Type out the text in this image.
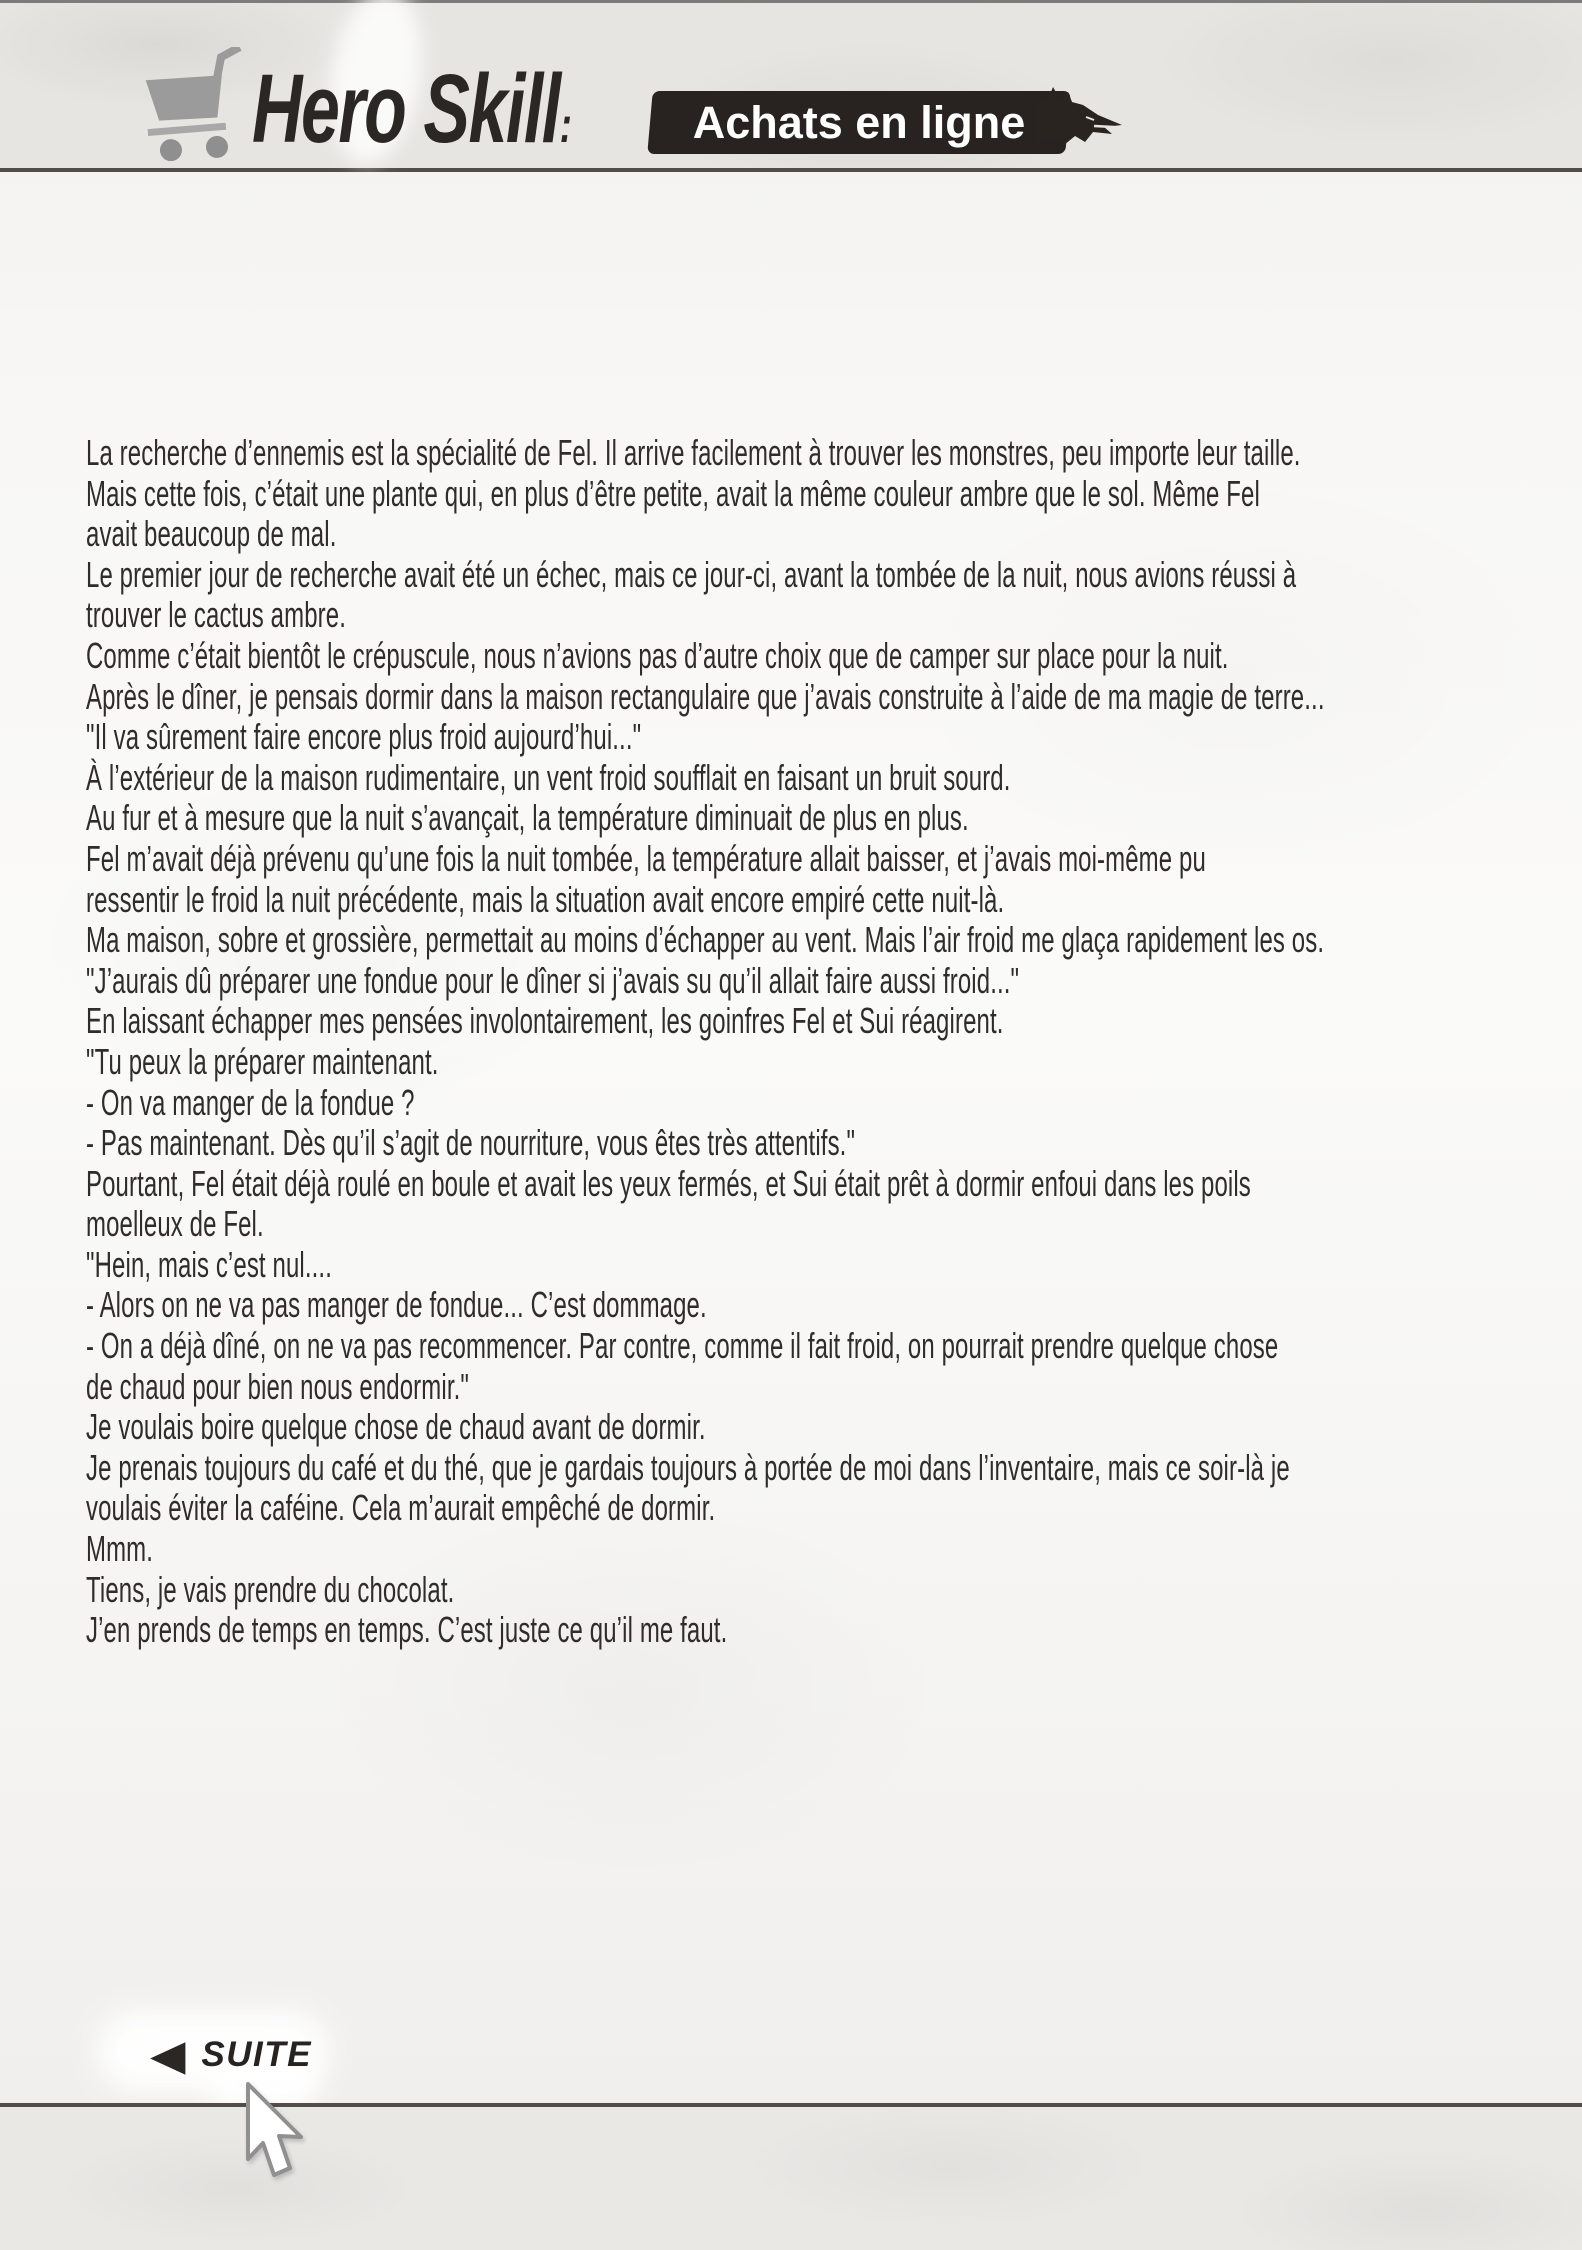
Hero Skill:	Achats en ligne
La recherche d’ennemis est la spécialité de Fel. Il arrive facilement à trouver les monstres, peu importe leur taille.
Mais cette fois, c’était une plante qui, en plus d’être petite, avait la même couleur ambre que le sol. Même Fel
avait beaucoup de mal.
Le premier jour de recherche avait été un échec, mais ce jour-ci, avant la tombée de la nuit, nous avions réussi à
trouver le cactus ambre.
Comme c’était bientôt le crépuscule, nous n’avions pas d’autre choix que de camper sur place pour la nuit.
Après le dîner, je pensais dormir dans la maison rectangulaire que j’avais construite à l’aide de ma magie de terre...
"Il va sûrement faire encore plus froid aujourd’hui..."
À l’extérieur de la maison rudimentaire, un vent froid soufflait en faisant un bruit sourd.
Au fur et à mesure que la nuit s’avançait, la température diminuait de plus en plus.
Fel m’avait déjà prévenu qu’une fois la nuit tombée, la température allait baisser, et j’avais moi-même pu
ressentir le froid la nuit précédente, mais la situation avait encore empiré cette nuit-là.
Ma maison, sobre et grossière, permettait au moins d’échapper au vent. Mais l’air froid me glaça rapidement les os.
"J’aurais dû préparer une fondue pour le dîner si j’avais su qu’il allait faire aussi froid..."
En laissant échapper mes pensées involontairement, les goinfres Fel et Sui réagirent.
"Tu peux la préparer maintenant.
- On va manger de la fondue ?
- Pas maintenant. Dès qu’il s’agit de nourriture, vous êtes très attentifs."
Pourtant, Fel était déjà roulé en boule et avait les yeux fermés, et Sui était prêt à dormir enfoui dans les poils
moelleux de Fel.
"Hein, mais c’est nul....
- Alors on ne va pas manger de fondue... C’est dommage.
- On a déjà dîné, on ne va pas recommencer. Par contre, comme il fait froid, on pourrait prendre quelque chose
de chaud pour bien nous endormir."
Je voulais boire quelque chose de chaud avant de dormir.
Je prenais toujours du café et du thé, que je gardais toujours à portée de moi dans l’inventaire, mais ce soir-là je
voulais éviter la caféine. Cela m’aurait empêché de dormir.
Mmm.
Tiens, je vais prendre du chocolat.
J’en prends de temps en temps. C’est juste ce qu’il me faut.
◀ SUITE
